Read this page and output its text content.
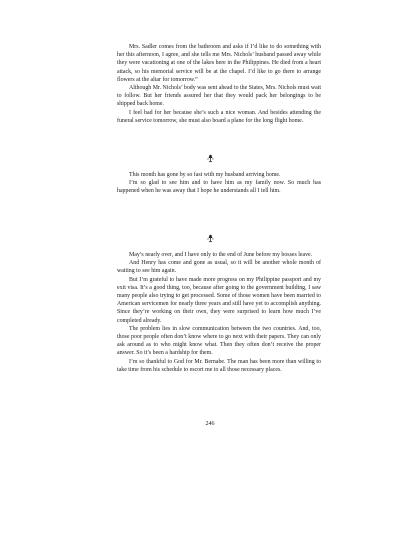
Mrs. Sadler comes from the bathroom and asks if I’d like to do something with her this afternoon, I agree, and she tells me Mrs. Nichols’ husband passed away while they were vacationing at one of the lakes here in the Philippines. He died from a heart attack, so his memorial service will be at the chapel. I’d like to go there to arrange flowers at the altar for tomorrow.”

Although Mr. Nichols’ body was sent ahead to the States, Mrs. Nichols must wait to follow. But her friends assured her that they would pack her belongings to be shipped back home.

I feel bad for her because she’s such a nice woman. And besides attending the funeral service tomorrow, she must also board a plane for the long flight home.

This month has gone by so fast with my husband arriving home.

I’m so glad to see him and to have him as my family now. So much has happened when he was away that I hope he understands all I tell him.

May’s nearly over, and I have only to the end of June before my bosses leave.

And Henry has come and gone as usual, so it will be another whole month of waiting to see him again.

But I’m grateful to have made more progress on my Philippine passport and my exit visa. It’s a good thing, too, because after going to the government building, I saw many people also trying to get processed. Some of those women have been married to American servicemen for nearly three years and still have yet to accomplish anything. Since they’re working on their own, they were surprised to learn how much I’ve completed already.

The problem lies in slow communication between the two countries. And, too, those poor people often don’t know where to go next with their papers. They can only ask around as to who might know what. Then they often don’t receive the proper answer. So it’s been a hardship for them.

I’m so thankful to God for Mr. Bernabe. The man has been more than willing to take time from his schedule to escort me to all those necessary places.

246
